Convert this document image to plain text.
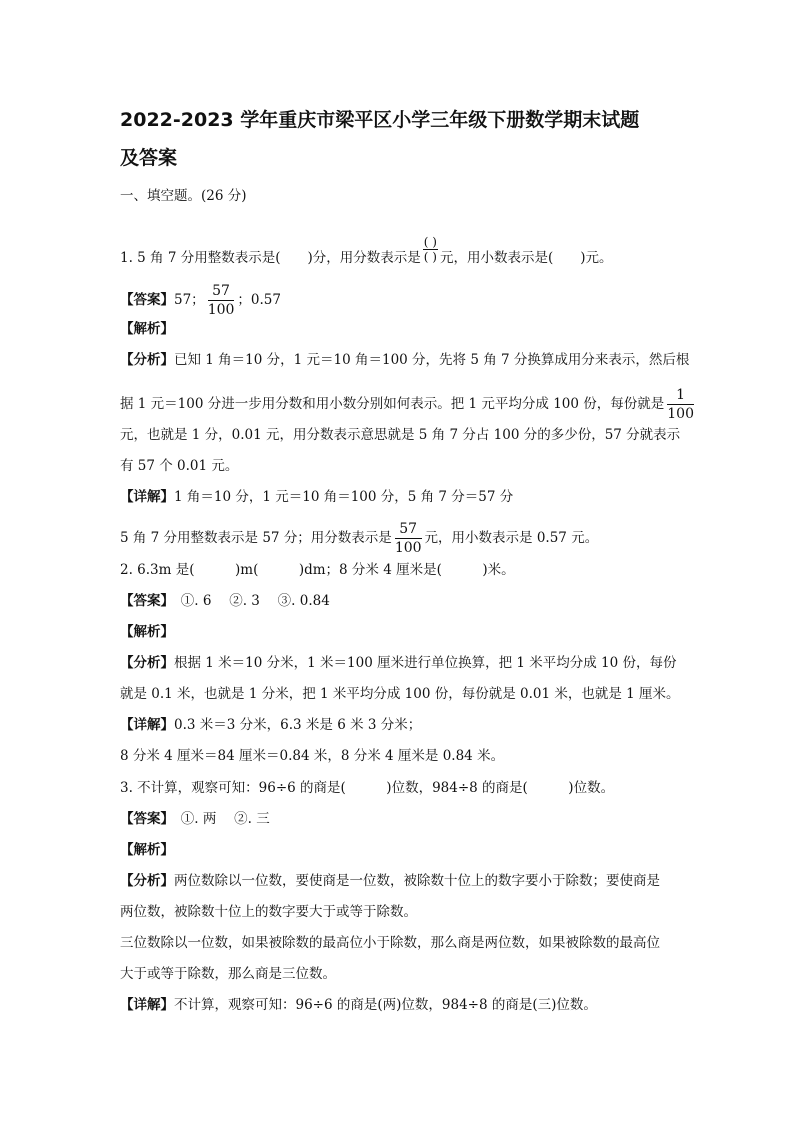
2022-2023 学年重庆市梁平区小学三年级下册数学期末试题
及答案
一、填空题。(26 分)
1. 5 角 7 分用整数表示是(　　)分，用分数表示是 $\frac{( )}{( )}$ 元，用小数表示是(　　)元。
【答案】57； $\frac{57}{100}$ ；0.57
【解析】
【分析】已知 1 角＝10 分，1 元＝10 角＝100 分，先将 5 角 7 分换算成用分来表示，然后根
据 1 元＝100 分进一步用分数和用小数分别如何表示。把 1 元平均分成 100 份，每份就是 $\frac{1}{100}$
元，也就是 1 分，0.01 元，用分数表示意思就是 5 角 7 分占 100 分的多少份，57 分就表示
有 57 个 0.01 元。
【详解】1 角＝10 分，1 元＝10 角＝100 分，5 角 7 分＝57 分
5 角 7 分用整数表示是 57 分；用分数表示是 $\frac{57}{100}$ 元，用小数表示是 0.57 元。
2. 6.3m 是(　　　)m(　　　)dm；8 分米 4 厘米是(　　　)米。
【答案】　①. 6　 ②. 3　 ③. 0.84
【解析】
【分析】根据 1 米＝10 分米，1 米＝100 厘米进行单位换算，把 1 米平均分成 10 份，每份
就是 0.1 米，也就是 1 分米，把 1 米平均分成 100 份，每份就是 0.01 米，也就是 1 厘米。
【详解】0.3 米＝3 分米，6.3 米是 6 米 3 分米；
8 分米 4 厘米＝84 厘米＝0.84 米，8 分米 4 厘米是 0.84 米。
3. 不计算，观察可知：96÷6 的商是(　　　)位数，984÷8 的商是(　　　)位数。
【答案】　①. 两　 ②. 三
【解析】
【分析】两位数除以一位数，要使商是一位数，被除数十位上的数字要小于除数；要使商是
两位数，被除数十位上的数字要大于或等于除数。
三位数除以一位数，如果被除数的最高位小于除数，那么商是两位数，如果被除数的最高位
大于或等于除数，那么商是三位数。
【详解】不计算，观察可知：96÷6 的商是(两)位数，984÷8 的商是(三)位数。
